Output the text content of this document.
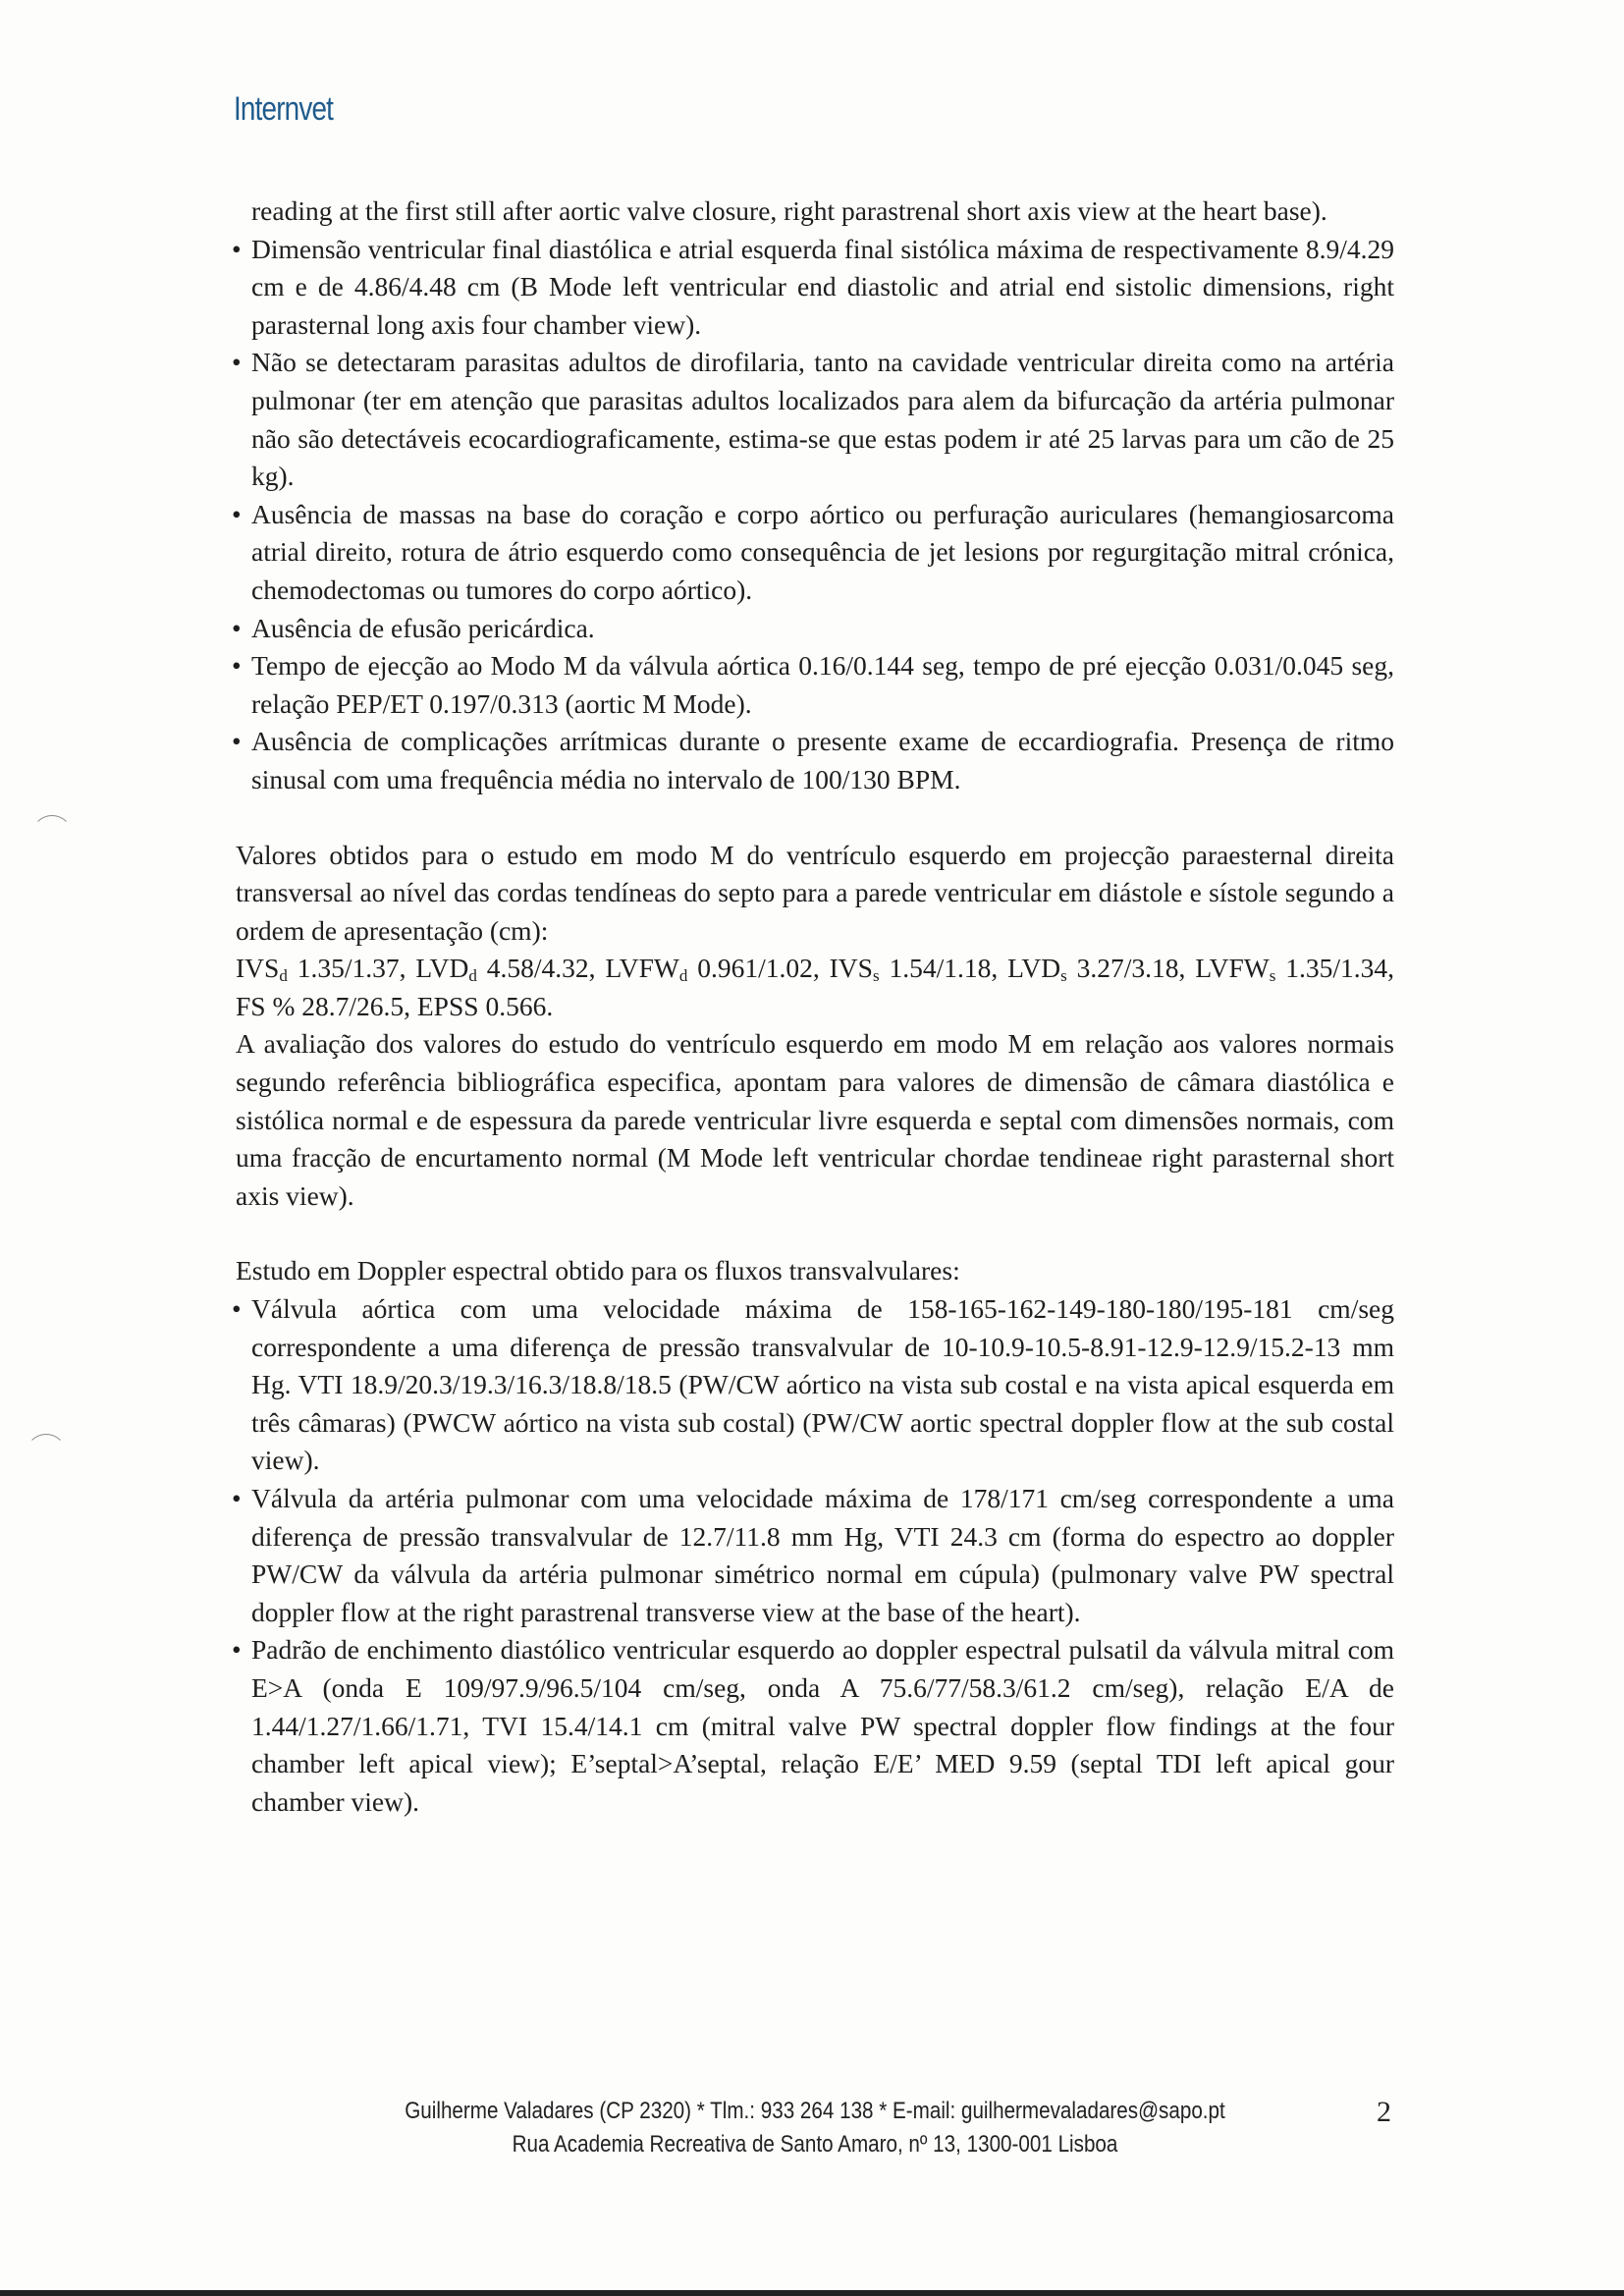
Internvet

reading at the first still after aortic valve closure, right parastrenal short axis view at the heart base).

• Dimensão ventricular final diastólica e atrial esquerda final sistólica máxima de respectivamente 8.9/4.29 cm e de 4.86/4.48 cm (B Mode left ventricular end diastolic and atrial end sistolic dimensions, right parasternal long axis four chamber view).

• Não se detectaram parasitas adultos de dirofilaria, tanto na cavidade ventricular direita como na artéria pulmonar (ter em atenção que parasitas adultos localizados para alem da bifurcação da artéria pulmonar não são detectáveis ecocardiograficamente, estima-se que estas podem ir até 25 larvas para um cão de 25 kg).

• Ausência de massas na base do coração e corpo aórtico ou perfuração auriculares (hemangiosarcoma atrial direito, rotura de átrio esquerdo como consequência de jet lesions por regurgitação mitral crónica, chemodectomas ou tumores do corpo aórtico).

• Ausência de efusão pericárdica.

• Tempo de ejecção ao Modo M da válvula aórtica 0.16/0.144 seg, tempo de pré ejecção 0.031/0.045 seg, relação PEP/ET 0.197/0.313 (aortic M Mode).

• Ausência de complicações arrítmicas durante o presente exame de eccardiografia. Presença de ritmo sinusal com uma frequência média no intervalo de 100/130 BPM.

Valores obtidos para o estudo em modo M do ventrículo esquerdo em projecção paraesternal direita transversal ao nível das cordas tendíneas do septo para a parede ventricular em diástole e sístole segundo a ordem de apresentação (cm):

$IVS_d$ 1.35/1.37, $LVD_d$ 4.58/4.32, $LVFW_d$ 0.961/1.02, $IVS_s$ 1.54/1.18, $LVD_s$ 3.27/3.18, $LVFW_s$ 1.35/1.34, FS % 28.7/26.5, EPSS 0.566.

A avaliação dos valores do estudo do ventrículo esquerdo em modo M em relação aos valores normais segundo referência bibliográfica especifica, apontam para valores de dimensão de câmara diastólica e sistólica normal e de espessura da parede ventricular livre esquerda e septal com dimensões normais, com uma fracção de encurtamento normal (M Mode left ventricular chordae tendineae right parasternal short axis view).

Estudo em Doppler espectral obtido para os fluxos transvalvulares:

• Válvula aórtica com uma velocidade máxima de 158-165-162-149-180-180/195-181 cm/seg correspondente a uma diferença de pressão transvalvular de 10-10.9-10.5-8.91-12.9-12.9/15.2-13 mm Hg. VTI 18.9/20.3/19.3/16.3/18.8/18.5 (PW/CW aórtico na vista sub costal e na vista apical esquerda em três câmaras) (PWCW aórtico na vista sub costal) (PW/CW aortic spectral doppler flow at the sub costal view).

• Válvula da artéria pulmonar com uma velocidade máxima de 178/171 cm/seg correspondente a uma diferença de pressão transvalvular de 12.7/11.8 mm Hg, VTI 24.3 cm (forma do espectro ao doppler PW/CW da válvula da artéria pulmonar simétrico normal em cúpula) (pulmonary valve PW spectral doppler flow at the right parastrenal transverse view at the base of the heart).

• Padrão de enchimento diastólico ventricular esquerdo ao doppler espectral pulsatil da válvula mitral com E>A (onda E 109/97.9/96.5/104 cm/seg, onda A 75.6/77/58.3/61.2 cm/seg), relação E/A de 1.44/1.27/1.66/1.71, TVI 15.4/14.1 cm (mitral valve PW spectral doppler flow findings at the four chamber left apical view); E’septal>A’septal, relação E/E’ MED 9.59 (septal TDI left apical gour chamber view).

Guilherme Valadares (CP 2320) * Tlm.: 933 264 138 * E-mail: guilhermevaladares@sapo.pt
Rua Academia Recreativa de Santo Amaro, nº 13, 1300-001 Lisboa
2
